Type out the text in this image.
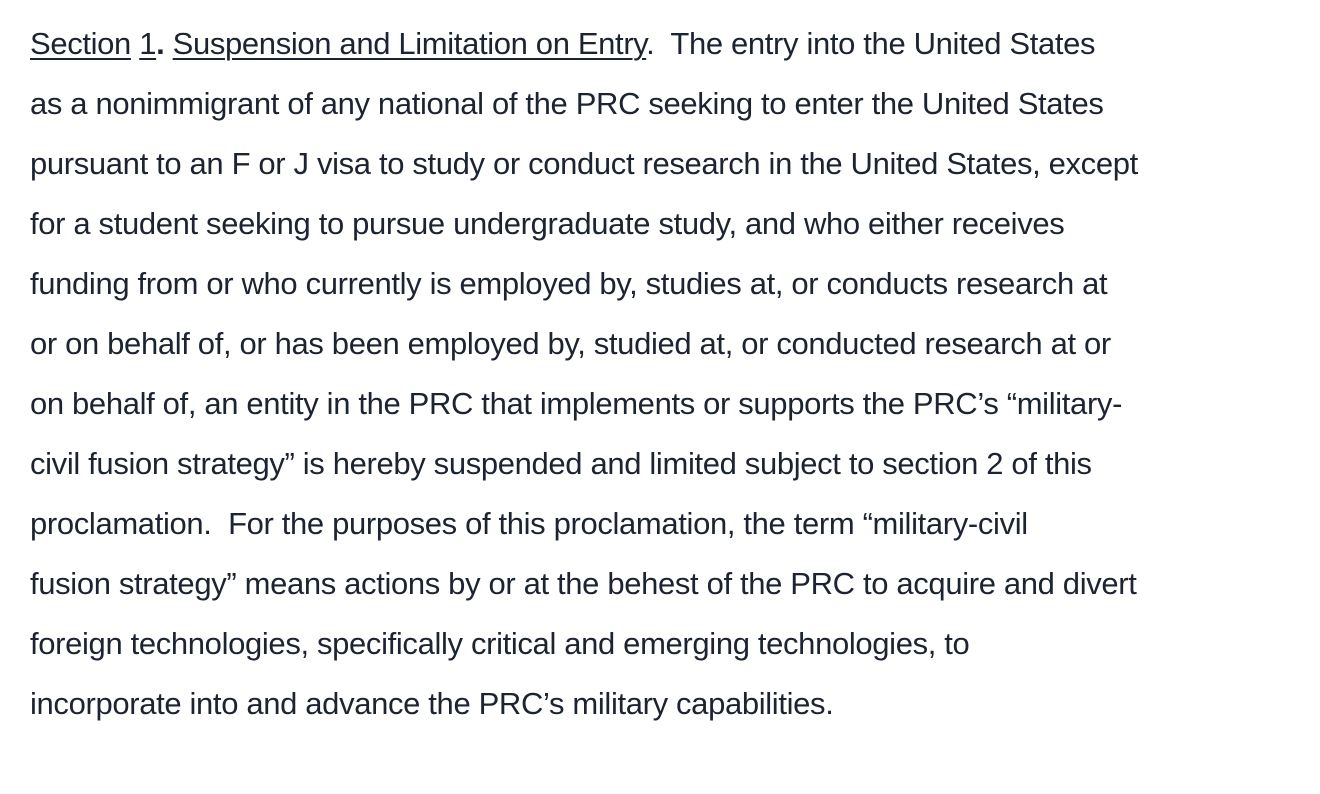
Section 1. Suspension and Limitation on Entry.  The entry into the United States
as a nonimmigrant of any national of the PRC seeking to enter the United States
pursuant to an F or J visa to study or conduct research in the United States, except
for a student seeking to pursue undergraduate study, and who either receives
funding from or who currently is employed by, studies at, or conducts research at
or on behalf of, or has been employed by, studied at, or conducted research at or
on behalf of, an entity in the PRC that implements or supports the PRC’s “military-
civil fusion strategy” is hereby suspended and limited subject to section 2 of this
proclamation.  For the purposes of this proclamation, the term “military-civil
fusion strategy” means actions by or at the behest of the PRC to acquire and divert
foreign technologies, specifically critical and emerging technologies, to
incorporate into and advance the PRC’s military capabilities.
